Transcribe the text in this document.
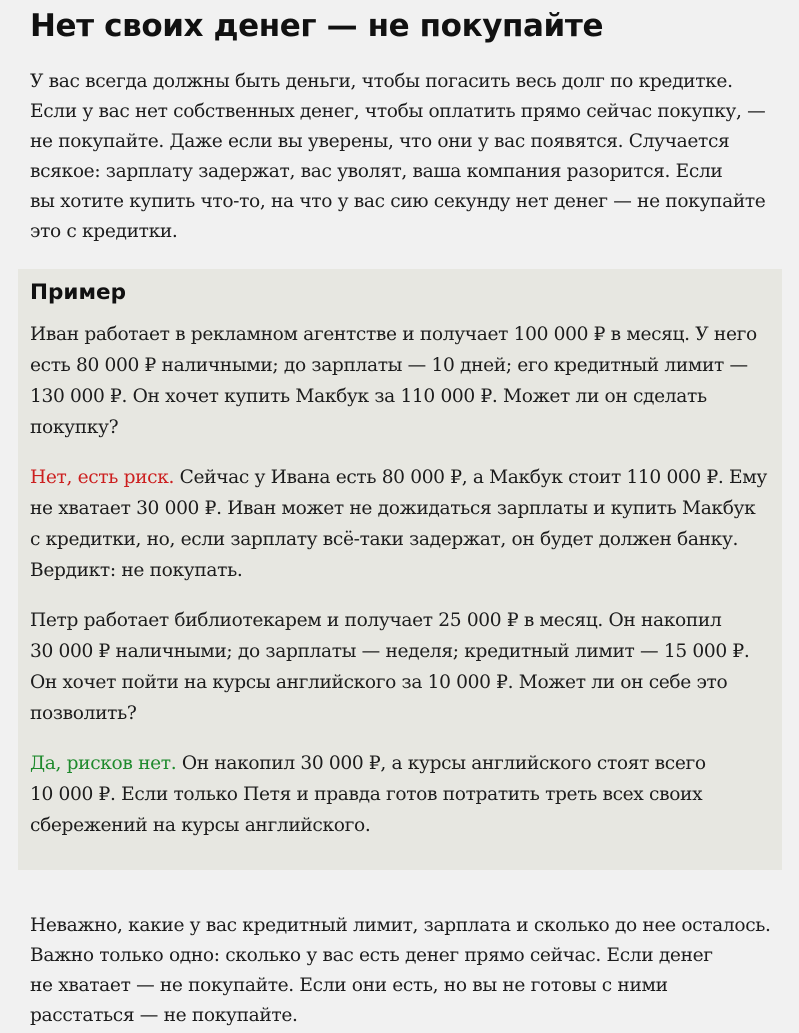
Нет своих денег — не покупайте

У вас всегда должны быть деньги, чтобы погасить весь долг по кредитке.
Если у вас нет собственных денег, чтобы оплатить прямо сейчас покупку, —
не покупайте. Даже если вы уверены, что они у вас появятся. Случается
всякое: зарплату задержат, вас уволят, ваша компания разорится. Если
вы хотите купить что-то, на что у вас сию секунду нет денег — не покупайте
это с кредитки.

Пример

Иван работает в рекламном агентстве и получает 100 000 ₽ в месяц. У него
есть 80 000 ₽ наличными; до зарплаты — 10 дней; его кредитный лимит —
130 000 ₽. Он хочет купить Макбук за 110 000 ₽. Может ли он сделать
покупку?

Нет, есть риск. Сейчас у Ивана есть 80 000 ₽, а Макбук стоит 110 000 ₽. Ему
не хватает 30 000 ₽. Иван может не дожидаться зарплаты и купить Макбук
с кредитки, но, если зарплату всё-таки задержат, он будет должен банку.
Вердикт: не покупать.

Петр работает библиотекарем и получает 25 000 ₽ в месяц. Он накопил
30 000 ₽ наличными; до зарплаты — неделя; кредитный лимит — 15 000 ₽.
Он хочет пойти на курсы английского за 10 000 ₽. Может ли он себе это
позволить?

Да, рисков нет. Он накопил 30 000 ₽, а курсы английского стоят всего
10 000 ₽. Если только Петя и правда готов потратить треть всех своих
сбережений на курсы английского.

Неважно, какие у вас кредитный лимит, зарплата и сколько до нее осталось.
Важно только одно: сколько у вас есть денег прямо сейчас. Если денег
не хватает — не покупайте. Если они есть, но вы не готовы с ними
расстаться — не покупайте.
